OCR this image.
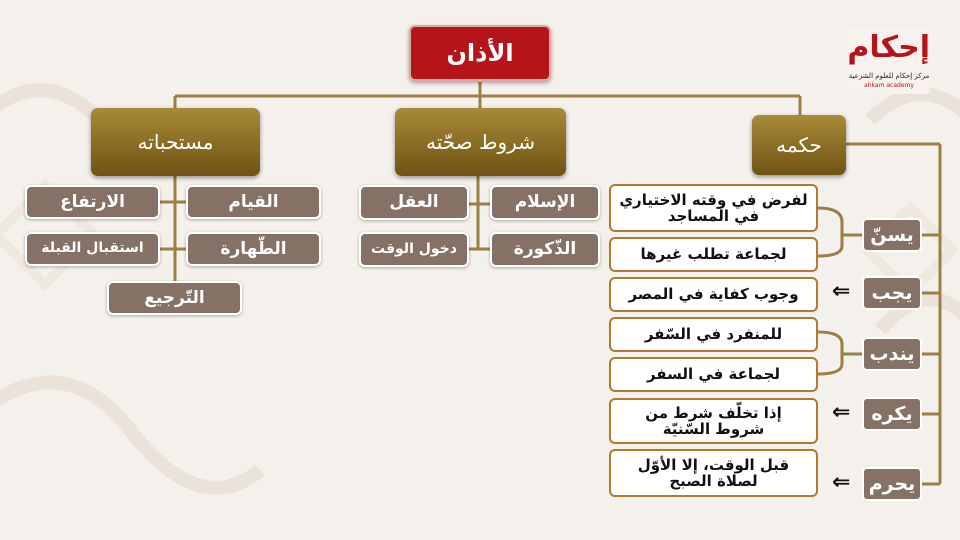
إحكام
مركز إحكام للعلوم الشرعية
ahkam academy
الأذان
مستحباته	شروط صحّته	حكمه
القيام
الارتفاع
الطّهارة
استقبال القبلة
التّرجيع
الإسلام
العقل
الذّكورة
دخول الوقت
لفرض في وقته الاختياري في المساجد
لجماعة تطلب غيرها
وجوب كفاية في المصر
للمنفرد في السّفر
لجماعة في السفر
إذا تخلّف شرط من شروط السّنيّة
قبل الوقت، إلا الأوّل لصلاة الصبح
⇐
⇐
⇐
يسنّ
يجب
يندب
يكره
يحرم
